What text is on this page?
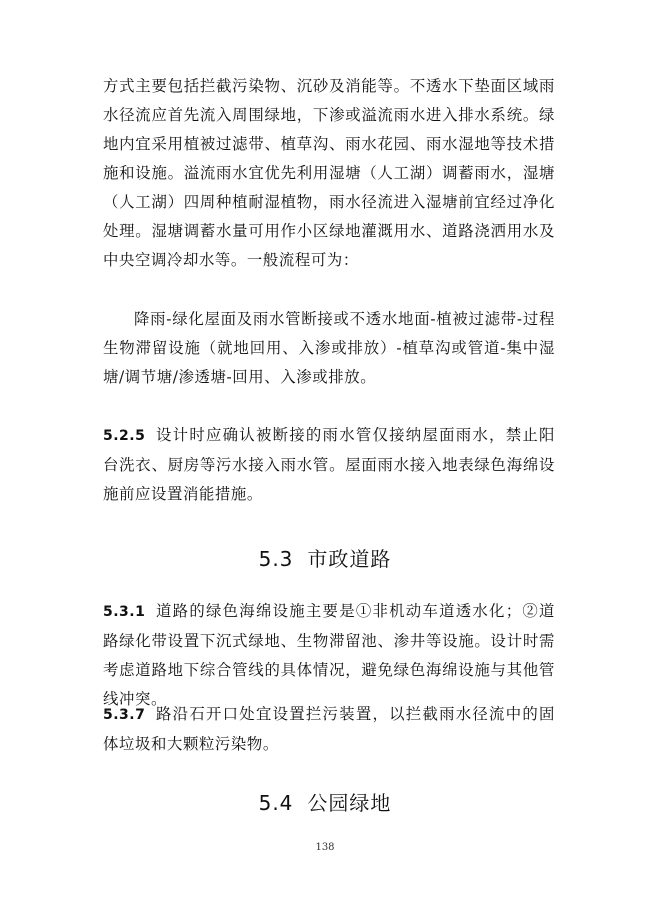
方式主要包括拦截污染物、沉砂及消能等。不透水下垫面区域雨水径流应首先流入周围绿地，下渗或溢流雨水进入排水系统。绿地内宜采用植被过滤带、植草沟、雨水花园、雨水湿地等技术措施和设施。溢流雨水宜优先利用湿塘（人工湖）调蓄雨水，湿塘（人工湖）四周种植耐湿植物，雨水径流进入湿塘前宜经过净化处理。湿塘调蓄水量可用作小区绿地灌溉用水、道路浇洒用水及中央空调冷却水等。一般流程可为：

降雨-绿化屋面及雨水管断接或不透水地面-植被过滤带-过程生物滞留设施（就地回用、入渗或排放）-植草沟或管道-集中湿塘/调节塘/渗透塘-回用、入渗或排放。

5.2.5 设计时应确认被断接的雨水管仅接纳屋面雨水，禁止阳台洗衣、厨房等污水接入雨水管。屋面雨水接入地表绿色海绵设施前应设置消能措施。

5.3 市政道路

5.3.1 道路的绿色海绵设施主要是①非机动车道透水化；②道路绿化带设置下沉式绿地、生物滞留池、渗井等设施。设计时需考虑道路地下综合管线的具体情况，避免绿色海绵设施与其他管线冲突。

5.3.7 路沿石开口处宜设置拦污装置，以拦截雨水径流中的固体垃圾和大颗粒污染物。

5.4 公园绿地
138
